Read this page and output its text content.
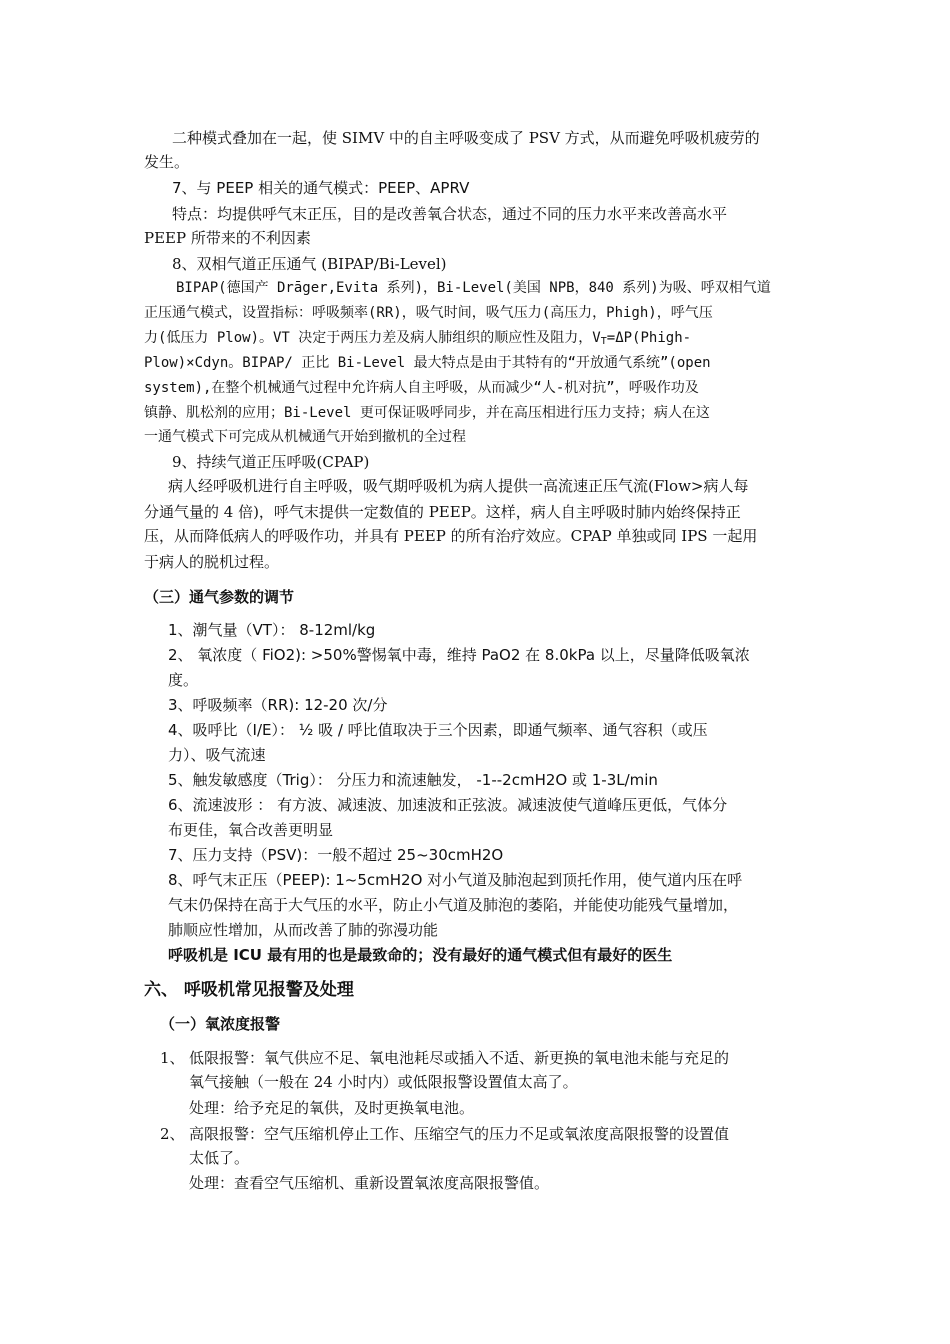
二种模式叠加在一起，使 SIMV 中的自主呼吸变成了 PSV 方式，从而避免呼吸机疲劳的
发生。
7、与 PEEP 相关的通气模式：PEEP、APRV
特点：均提供呼气末正压，目的是改善氧合状态，通过不同的压力水平来改善高水平
PEEP 所带来的不利因素
8、双相气道正压通气 (BIPAP/Bi-Level)
BIPAP(德国产 Drāger,Evita 系列)，Bi-Level(美国 NPB，840 系列)为吸、呼双相气道
正压通气模式，设置指标：呼吸频率(RR)，吸气时间，吸气压力(高压力，Phigh)，呼气压
力(低压力 Plow)。VT 决定于两压力差及病人肺组织的顺应性及阻力，$V_T=\Delta P(Phigh-$
Plow)×Cdyn。BIPAP/ 正比 Bi-Level 最大特点是由于其特有的“开放通气系统”(open
system),在整个机械通气过程中允许病人自主呼吸，从而减少“人-机对抗”，呼吸作功及
镇静、肌松剂的应用；Bi-Level 更可保证吸呼同步，并在高压相进行压力支持；病人在这
一通气模式下可完成从机械通气开始到撤机的全过程
9、持续气道正压呼吸(CPAP)
病人经呼吸机进行自主呼吸，吸气期呼吸机为病人提供一高流速正压气流(Flow>病人每
分通气量的 4 倍)，呼气末提供一定数值的 PEEP。这样，病人自主呼吸时肺内始终保持正
压，从而降低病人的呼吸作功，并具有 PEEP 的所有治疗效应。CPAP 单独或同 IPS 一起用
于病人的脱机过程。
（三）通气参数的调节
1、潮气量（VT）： 8-12ml/kg
2、 氧浓度（ FiO2): >50%警惕氧中毒，维持 PaO2 在 8.0kPa 以上，尽量降低吸氧浓
度。
3、呼吸频率（RR): 12-20 次/分
4、吸呼比（I/E）： ½ 吸 / 呼比值取决于三个因素，即通气频率、通气容积（或压
力）、吸气流速
5、触发敏感度（Trig）： 分压力和流速触发， -1--2cmH2O 或 1-3L/min
6、流速波形 ： 有方波、减速波、加速波和正弦波。减速波使气道峰压更低，气体分
布更佳，氧合改善更明显
7、压力支持（PSV)：一般不超过 25~30cmH2O
8、呼气末正压（PEEP): 1~5cmH2O 对小气道及肺泡起到顶托作用，使气道内压在呼
气末仍保持在高于大气压的水平，防止小气道及肺泡的萎陷，并能使功能残气量增加，
肺顺应性增加，从而改善了肺的弥漫功能
呼吸机是 ICU 最有用的也是最致命的；没有最好的通气模式但有最好的医生
六、 呼吸机常见报警及处理
（一）氧浓度报警
1、 低限报警：氧气供应不足、氧电池耗尽或插入不适、新更换的氧电池未能与充足的
氧气接触（一般在 24 小时内）或低限报警设置值太高了。
处理：给予充足的氧供，及时更换氧电池。
2、 高限报警：空气压缩机停止工作、压缩空气的压力不足或氧浓度高限报警的设置值
太低了。
处理：查看空气压缩机、重新设置氧浓度高限报警值。
